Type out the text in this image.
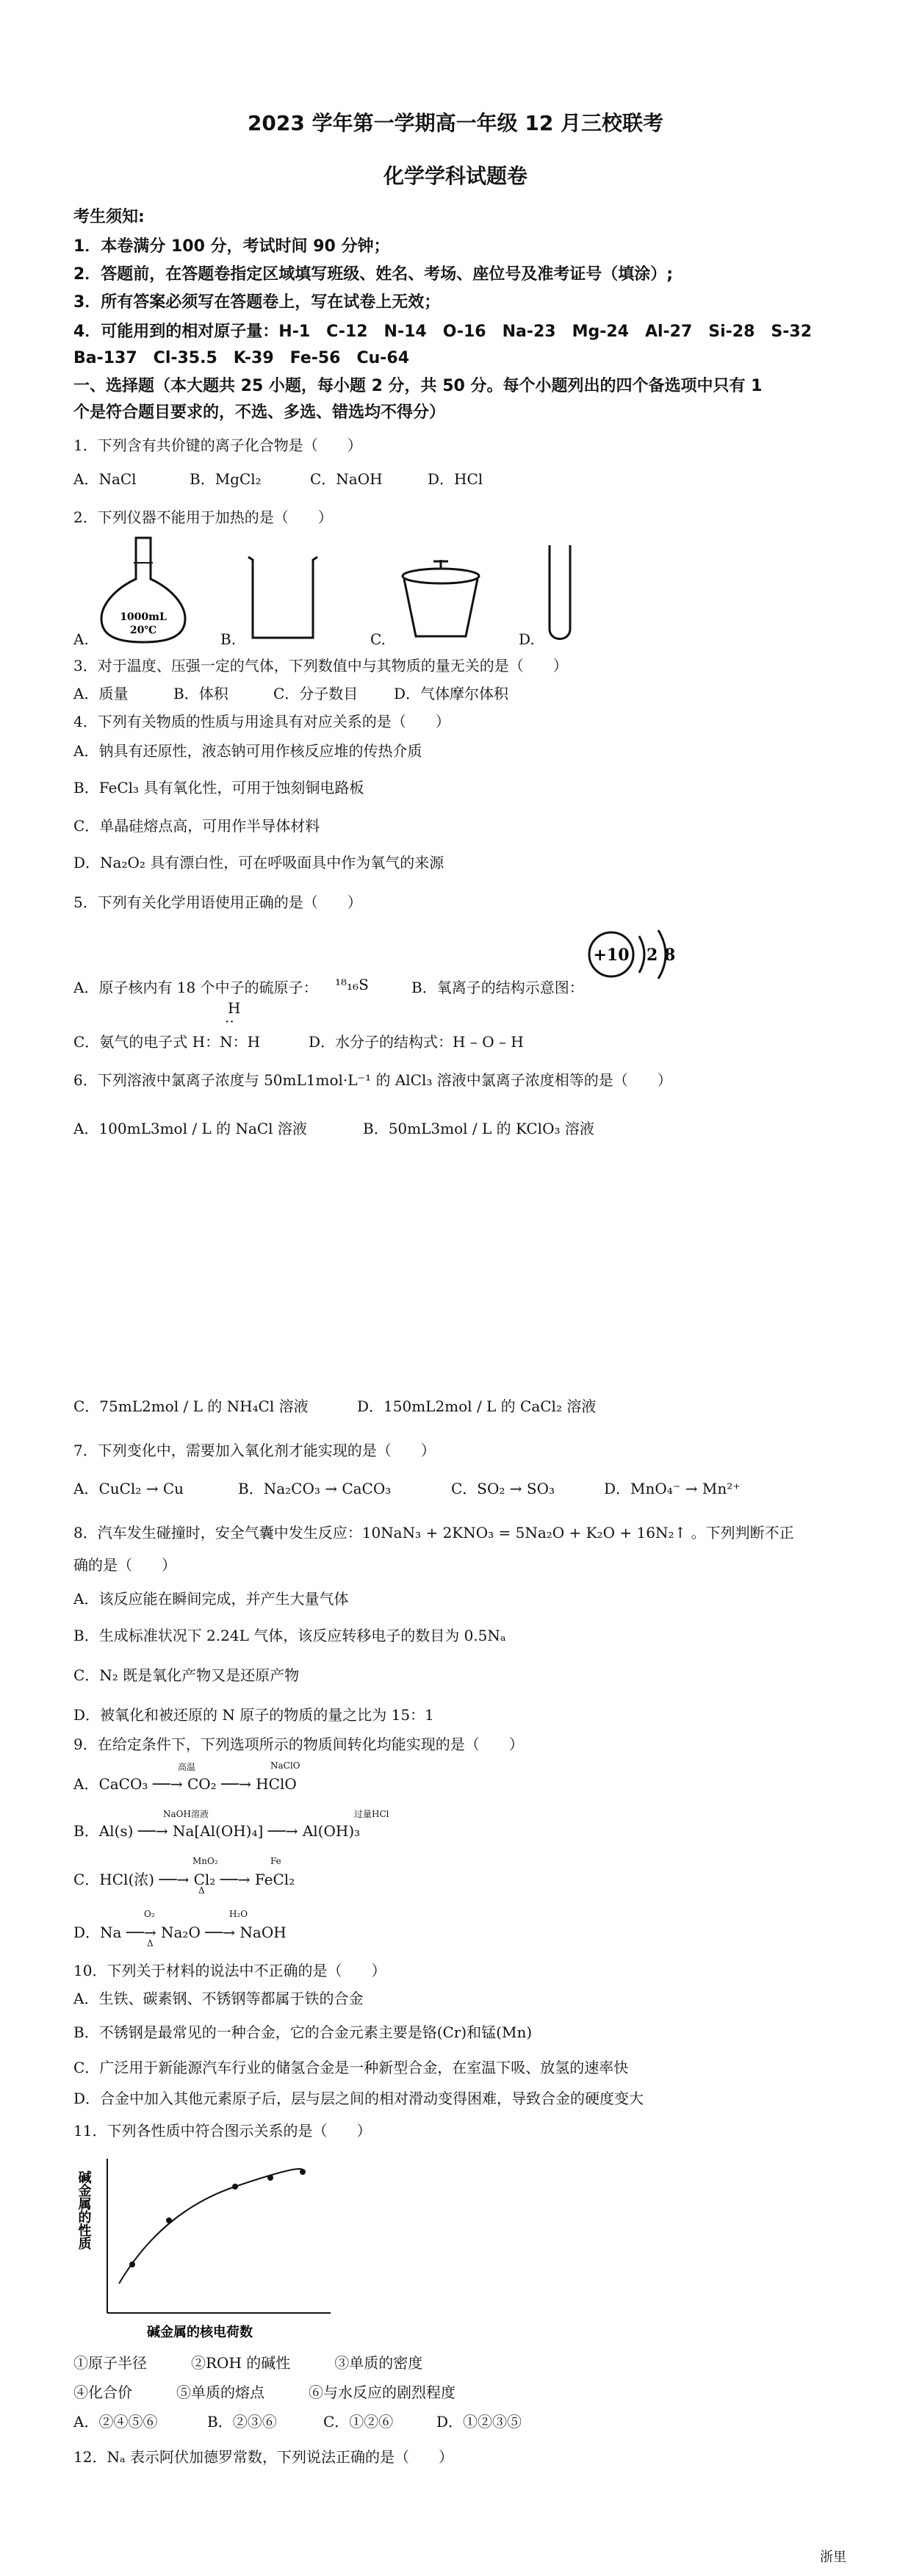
2023 学年第一学期高一年级 12 月三校联考
化学学科试题卷
考生须知:
1．本卷满分 100 分，考试时间 90 分钟；
2．答题前，在答题卷指定区域填写班级、姓名、考场、座位号及准考证号（填涂）;
3．所有答案必须写在答题卷上，写在试卷上无效；
4．可能用到的相对原子量：H-1　C-12　N-14　O-16　Na-23　Mg-24　Al-27　Si-28　S-32
Ba-137　Cl-35.5　K-39　Fe-56　Cu-64
一、选择题（本大题共 25 小题，每小题 2 分，共 50 分。每个小题列出的四个备选项中只有 1
个是符合题目要求的，不选、多选、错选均不得分）
1．下列含有共价键的离子化合物是（　　）
A．NaCl	B．MgCl₂	C．NaOH	D．HCl
2．下列仪器不能用于加热的是（　　）
1000mL
20℃
A.	B.	C.	D.
3．对于温度、压强一定的气体，下列数值中与其物质的量无关的是（　　）
A．质量	B．体积	C．分子数目 D．气体摩尔体积
4．下列有关物质的性质与用途具有对应关系的是（　　）
A．钠具有还原性，液态钠可用作核反应堆的传热介质
B．FeCl₃ 具有氧化性，可用于蚀刻铜电路板
C．单晶硅熔点高，可用作半导体材料
D．Na₂O₂ 具有漂白性，可在呼吸面具中作为氧气的来源
5．下列有关化学用语使用正确的是（　　）
A．原子核内有 18 个中子的硫原子： ¹⁸₁₆S	B．氧离子的结构示意图：
+10 2 8
H
··
C．氨气的电子式 H：N：H	D．水分子的结构式：H – O – H
6．下列溶液中氯离子浓度与 50mL1mol·L⁻¹ 的 AlCl₃ 溶液中氯离子浓度相等的是（　　）
A．100mL3mol / L 的 NaCl 溶液	B．50mL3mol / L 的 KClO₃ 溶液
C．75mL2mol / L 的 NH₄Cl 溶液	D．150mL2mol / L 的 CaCl₂ 溶液
7．下列变化中，需要加入氧化剂才能实现的是（　　）
A．CuCl₂ → Cu	B．Na₂CO₃ → CaCO₃	C．SO₂ → SO₃	D．MnO₄⁻ → Mn²⁺
8．汽车发生碰撞时，安全气囊中发生反应：10NaN₃ + 2KNO₃ = 5Na₂O + K₂O + 16N₂↑ 。下列判断不正
确的是（　　）
A．该反应能在瞬间完成，并产生大量气体
B．生成标准状况下 2.24L 气体，该反应转移电子的数目为 0.5Nₐ
C．N₂ 既是氧化产物又是还原产物
D．被氧化和被还原的 N 原子的物质的量之比为 15：1
9．在给定条件下，下列选项所示的物质间转化均能实现的是（　　）
高温	NaClO
A．CaCO₃ ──→ CO₂ ──→ HClO
NaOH溶液	过量HCl
B．Al(s) ──→ Na[Al(OH)₄] ──→ Al(OH)₃
MnO₂	Fe
C．HCl(浓) ──→ Cl₂ ──→ FeCl₂
Δ
O₂	H₂O
D．Na ──→ Na₂O ──→ NaOH
Δ
10．下列关于材料的说法中不正确的是（　　）
A．生铁、碳素钢、不锈钢等都属于铁的合金
B．不锈钢是最常见的一种合金，它的合金元素主要是铬(Cr)和锰(Mn)
C．广泛用于新能源汽车行业的储氢合金是一种新型合金，在室温下吸、放氢的速率快
D．合金中加入其他元素原子后，层与层之间的相对滑动变得困难，导致合金的硬度变大
11．下列各性质中符合图示关系的是（　　）
碱金属的核电荷数
碱金属的性质
①原子半径　　　②ROH 的碱性　　　③单质的密度
④化合价　　　⑤单质的熔点　　　⑥与水反应的剧烈程度
A．②④⑤⑥	B．②③⑥	C．①②⑥	D．①②③⑤
12．Nₐ 表示阿伏加德罗常数，下列说法正确的是（　　）
浙里
